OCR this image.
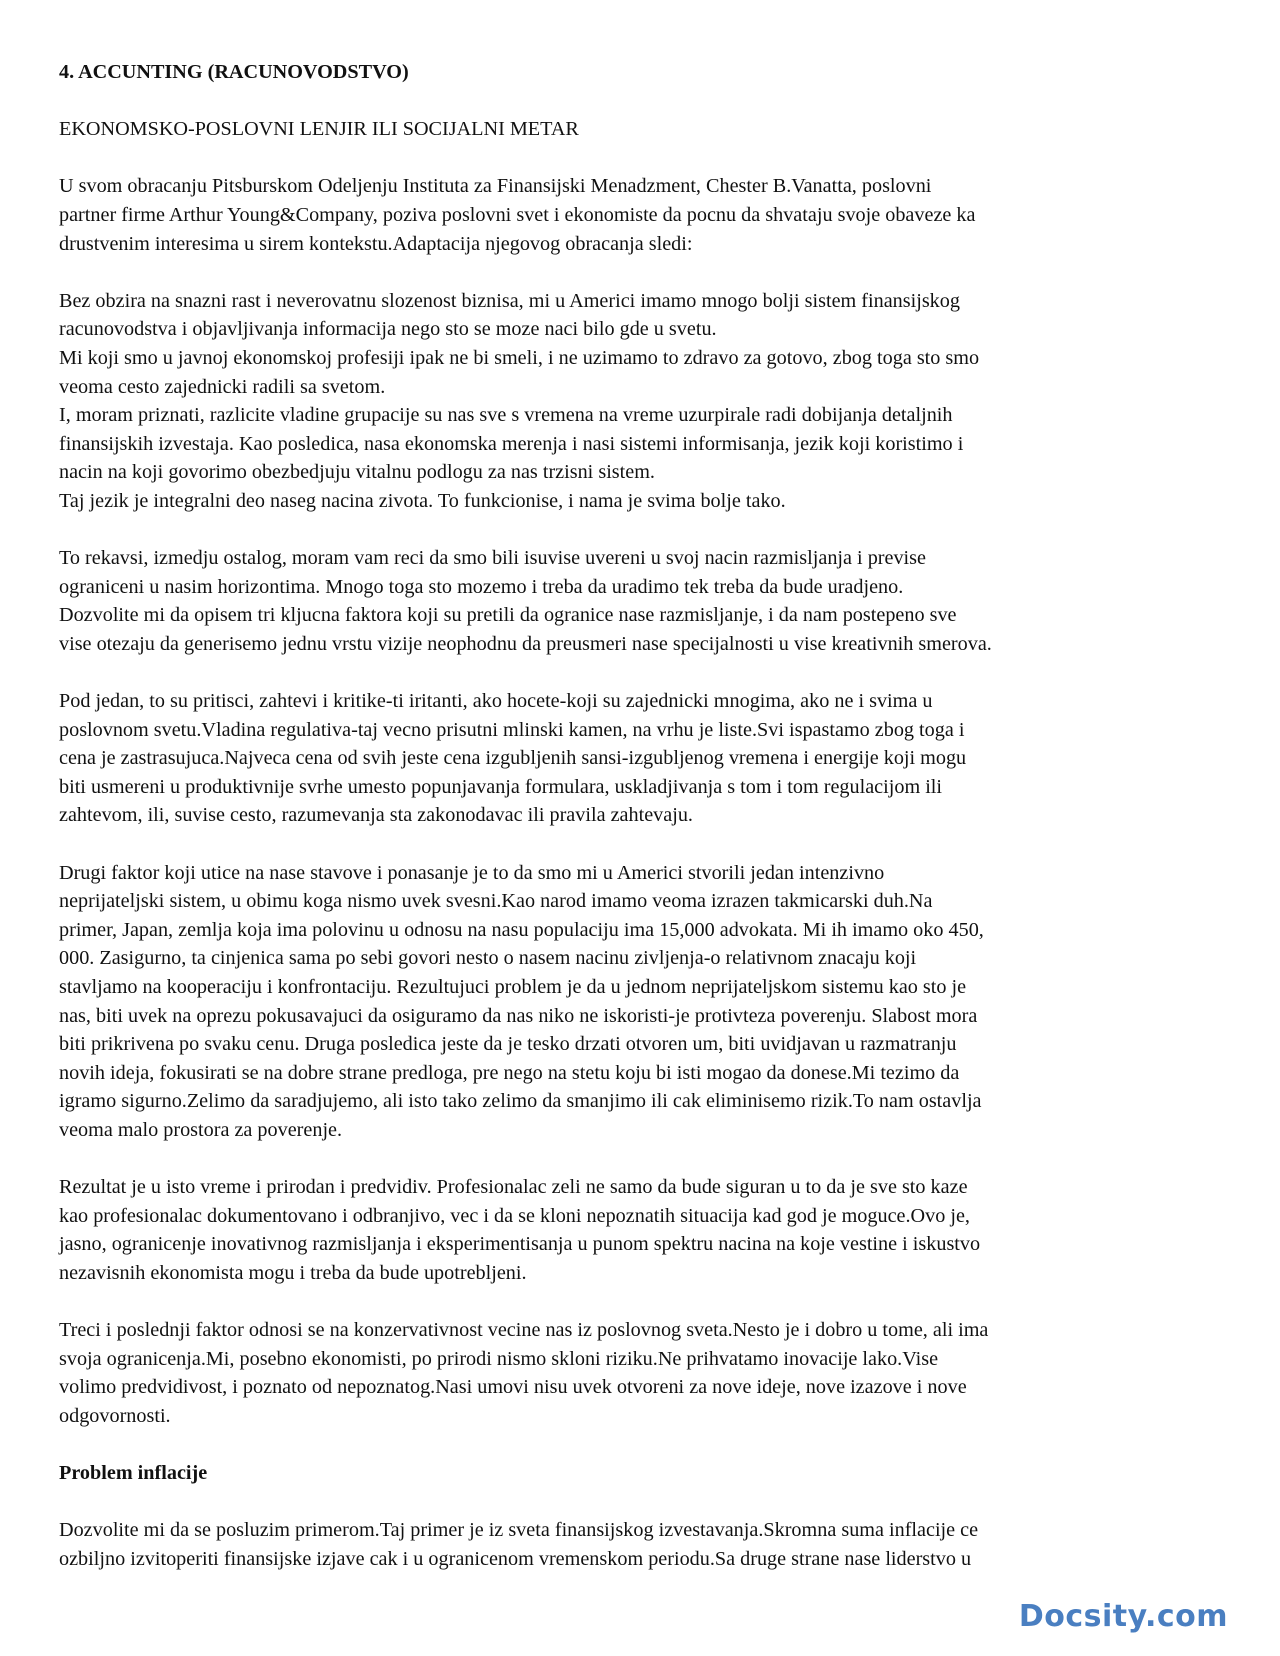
4. ACCUNTING (RACUNOVODSTVO)
EKONOMSKO-POSLOVNI LENJIR ILI SOCIJALNI METAR
U svom obracanju Pitsburskom Odeljenju Instituta za Finansijski Menadzment, Chester B.Vanatta, poslovni
partner firme Arthur Young&Company, poziva poslovni svet i ekonomiste da pocnu da shvataju svoje obaveze ka
drustvenim interesima u sirem kontekstu.Adaptacija njegovog obracanja sledi:
Bez obzira na snazni rast i neverovatnu slozenost biznisa, mi u Americi imamo mnogo bolji sistem finansijskog
racunovodstva i objavljivanja informacija nego sto se moze naci bilo gde u svetu.
Mi koji smo u javnoj ekonomskoj profesiji ipak ne bi smeli, i ne uzimamo to zdravo za gotovo, zbog toga sto smo
veoma cesto zajednicki radili sa svetom.
I, moram priznati, razlicite vladine grupacije su nas sve s vremena na vreme uzurpirale radi dobijanja detaljnih
finansijskih izvestaja. Kao posledica, nasa ekonomska merenja i nasi sistemi informisanja, jezik koji koristimo i
nacin na koji govorimo obezbedjuju vitalnu podlogu za nas trzisni sistem.
Taj jezik je integralni deo naseg nacina zivota. To funkcionise, i nama je svima bolje tako.
To rekavsi, izmedju ostalog, moram vam reci da smo bili isuvise uvereni u svoj nacin razmisljanja i previse
ograniceni u nasim horizontima. Mnogo toga sto mozemo i treba da uradimo tek treba da bude uradjeno.
Dozvolite mi da opisem tri kljucna faktora koji su pretili da ogranice nase razmisljanje, i da nam postepeno sve
vise otezaju da generisemo jednu vrstu vizije neophodnu da preusmeri nase specijalnosti u vise kreativnih smerova.
Pod jedan, to su pritisci, zahtevi i kritike-ti iritanti, ako hocete-koji su zajednicki mnogima, ako ne i svima u
poslovnom svetu.Vladina regulativa-taj vecno prisutni mlinski kamen, na vrhu je liste.Svi ispastamo zbog toga i
cena je zastrasujuca.Najveca cena od svih jeste cena izgubljenih sansi-izgubljenog vremena i energije koji mogu
biti usmereni u produktivnije svrhe umesto popunjavanja formulara, uskladjivanja s tom i tom regulacijom ili
zahtevom, ili, suvise cesto, razumevanja sta zakonodavac ili pravila zahtevaju.
Drugi faktor koji utice na nase stavove i ponasanje je to da smo mi u Americi stvorili jedan intenzivno
neprijateljski sistem, u obimu koga nismo uvek svesni.Kao narod imamo veoma izrazen takmicarski duh.Na
primer, Japan, zemlja koja ima polovinu u odnosu na nasu populaciju ima 15,000 advokata. Mi ih imamo oko 450,
000. Zasigurno, ta cinjenica sama po sebi govori nesto o nasem nacinu zivljenja-o relativnom znacaju koji
stavljamo na kooperaciju i konfrontaciju. Rezultujuci problem je da u jednom neprijateljskom sistemu kao sto je
nas, biti uvek na oprezu pokusavajuci da osiguramo da nas niko ne iskoristi-je protivteza poverenju. Slabost mora
biti prikrivena po svaku cenu. Druga posledica jeste da je tesko drzati otvoren um, biti uvidjavan u razmatranju
novih ideja, fokusirati se na dobre strane predloga, pre nego na stetu koju bi isti mogao da donese.Mi tezimo da
igramo sigurno.Zelimo da saradjujemo, ali isto tako zelimo da smanjimo ili cak eliminisemo rizik.To nam ostavlja
veoma malo prostora za poverenje.
Rezultat je u isto vreme i prirodan i predvidiv. Profesionalac zeli ne samo da bude siguran u to da je sve sto kaze
kao profesionalac dokumentovano i odbranjivo, vec i da se kloni nepoznatih situacija kad god je moguce.Ovo je,
jasno, ogranicenje inovativnog razmisljanja i eksperimentisanja u punom spektru nacina na koje vestine i iskustvo
nezavisnih ekonomista mogu i treba da bude upotrebljeni.
Treci i poslednji faktor odnosi se na konzervativnost vecine nas iz poslovnog sveta.Nesto je i dobro u tome, ali ima
svoja ogranicenja.Mi, posebno ekonomisti, po prirodi nismo skloni riziku.Ne prihvatamo inovacije lako.Vise
volimo predvidivost, i poznato od nepoznatog.Nasi umovi nisu uvek otvoreni za nove ideje, nove izazove i nove
odgovornosti.
Problem inflacije
Dozvolite mi da se posluzim primerom.Taj primer je iz sveta finansijskog izvestavanja.Skromna suma inflacije ce
ozbiljno izvitoperiti finansijske izjave cak i u ogranicenom vremenskom periodu.Sa druge strane nase liderstvo u
Docsity.com
